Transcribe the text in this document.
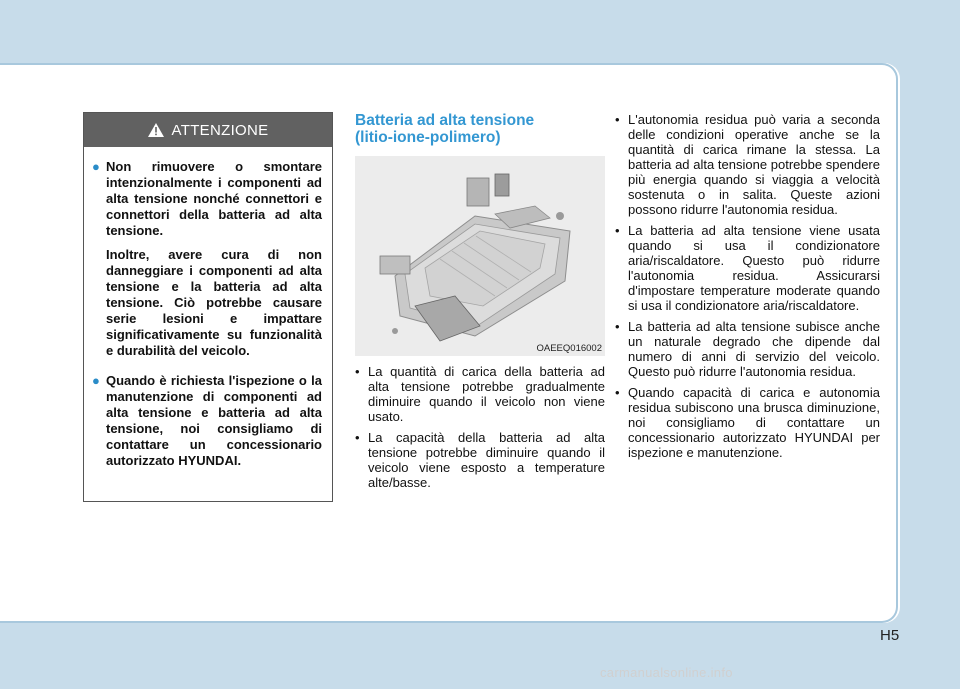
ATTENZIONE
● Non rimuovere o smontare intenzionalmente i componenti ad alta tensione nonché connettori e connettori della batteria ad alta tensione.

Inoltre, avere cura di non danneggiare i componenti ad alta tensione e la batteria ad alta tensione. Ciò potrebbe causare serie lesioni e impattare significativamente su funzionalità e durabilità del veicolo.

● Quando è richiesta l'ispezione o la manutenzione di componenti ad alta tensione e batteria ad alta tensione, noi consigliamo di contattare un concessionario autorizzato HYUNDAI.

Batteria ad alta tensione
(litio-ione-polimero)
OAEEQ016002
• La quantità di carica della batteria ad alta tensione potrebbe gradualmente diminuire quando il veicolo non viene usato.
• La capacità della batteria ad alta tensione potrebbe diminuire quando il veicolo viene esposto a temperature alte/basse.
• L'autonomia residua può varia a seconda delle condizioni operative anche se la quantità di carica rimane la stessa. La batteria ad alta tensione potrebbe spendere più energia quando si viaggia a velocità sostenuta o in salita. Queste azioni possono ridurre l'autonomia residua.
• La batteria ad alta tensione viene usata quando si usa il condizionatore aria/riscaldatore. Questo può ridurre l'autonomia residua. Assicurarsi d'impostare temperature moderate quando si usa il condizionatore aria/riscaldatore.
• La batteria ad alta tensione subisce anche un naturale degrado che dipende dal numero di anni di servizio del veicolo. Questo può ridurre l'autonomia residua.
• Quando capacità di carica e autonomia residua subiscono una brusca diminuzione, noi consigliamo di contattare un concessionario autorizzato HYUNDAI per ispezione e manutenzione.
H5
carmanualsonline.info
